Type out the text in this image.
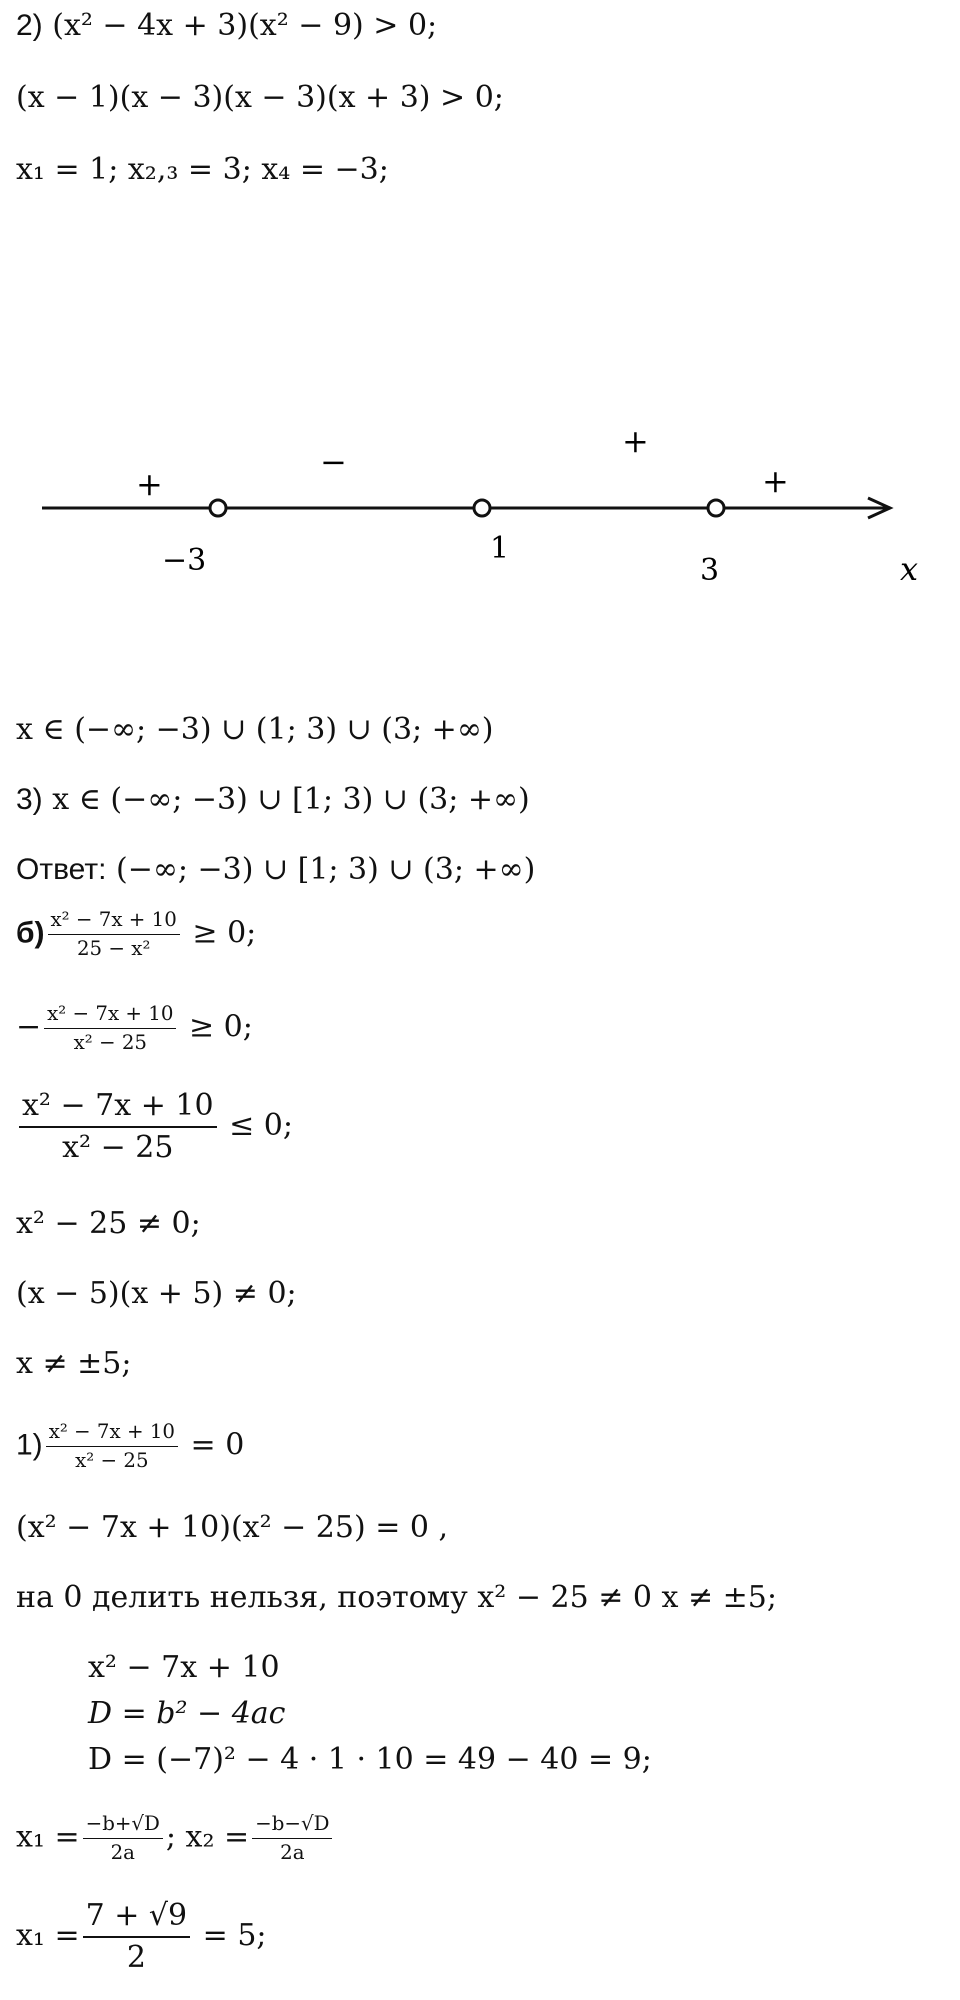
2) (x² − 4x + 3)(x² − 9) > 0;
(x − 1)(x − 3)(x − 3)(x + 3) > 0;
x₁ = 1; x₂,₃ = 3; x₄ = −3;
−3	1
3	x
+
−
+
+
x ∈ (−∞; −3) ∪ (1; 3) ∪ (3; +∞)
3) x ∈ (−∞; −3) ∪ [1; 3) ∪ (3; +∞)
Ответ: (−∞; −3) ∪ [1; 3) ∪ (3; +∞)
$б) \frac{\text{x² − 7x + 10}}{\text{25 − x²}} \ge 0$;
− $\frac{\text{x² − 7x + 10}}{\text{x² − 25}} \ge 0$;
$\frac{\text{x² − 7x + 10}}{\text{x² − 25}} \le 0$;
x² − 25 ≠ 0;
(x − 5)(x + 5) ≠ 0;
x ≠ ±5;
$1) \frac{\text{x² − 7x + 10}}{\text{x² − 25}} = 0$
(x² − 7x + 10)(x² − 25) = 0 ,
на 0 делить нельзя, поэтому x² − 25 ≠ 0 x ≠ ±5;
x² − 7x + 10
D = b² − 4ac
D = (−7)² − 4 · 1 · 10 = 49 − 40 = 9;
$x_1 = \frac{-b+√D}{2a}$ ; $x_2 = \frac{-b-√D}{2a}$
$x_1 = \frac{7 + √9}{2} = 5$;
